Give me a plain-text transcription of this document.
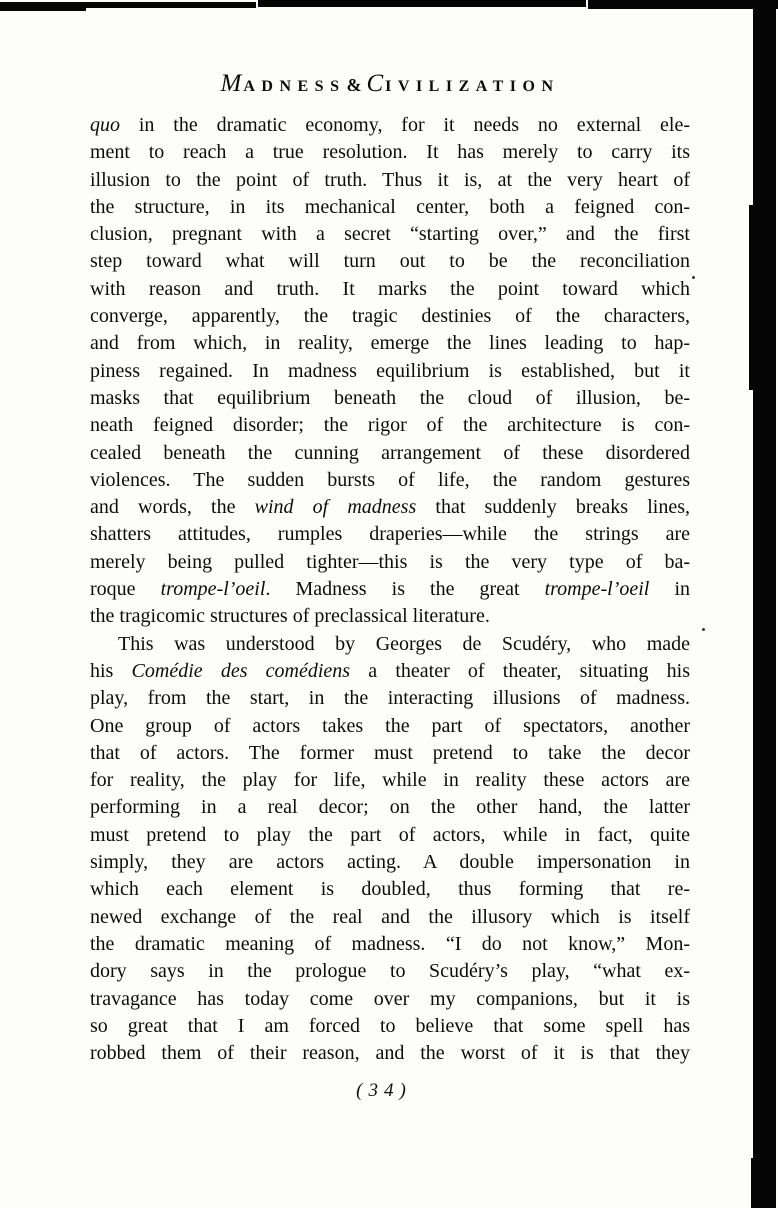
MADNESS& CIVILIZATION
quo in the dramatic economy, for it needs no external ele-
ment to reach a true resolution. It has merely to carry its
illusion to the point of truth. Thus it is, at the very heart of
the structure, in its mechanical center, both a feigned con-
clusion, pregnant with a secret “starting over,” and the first
step toward what will turn out to be the reconciliation
with reason and truth. It marks the point toward which
converge, apparently, the tragic destinies of the characters,
and from which, in reality, emerge the lines leading to hap-
piness regained. In madness equilibrium is established, but it
masks that equilibrium beneath the cloud of illusion, be-
neath feigned disorder; the rigor of the architecture is con-
cealed beneath the cunning arrangement of these disordered
violences. The sudden bursts of life, the random gestures
and words, the wind of madness that suddenly breaks lines,
shatters attitudes, rumples draperies—while the strings are
merely being pulled tighter—this is the very type of ba-
roque trompe-l’oeil. Madness is the great trompe-l’oeil in
the tragicomic structures of preclassical literature.
This was understood by Georges de Scudéry, who made
his Comédie des comédiens a theater of theater, situating his
play, from the start, in the interacting illusions of madness.
One group of actors takes the part of spectators, another
that of actors. The former must pretend to take the decor
for reality, the play for life, while in reality these actors are
performing in a real decor; on the other hand, the latter
must pretend to play the part of actors, while in fact, quite
simply, they are actors acting. A double impersonation in
which each element is doubled, thus forming that re-
newed exchange of the real and the illusory which is itself
the dramatic meaning of madness. “I do not know,” Mon-
dory says in the prologue to Scudéry’s play, “what ex-
travagance has today come over my companions, but it is
so great that I am forced to believe that some spell has
robbed them of their reason, and the worst of it is that they
(34)
